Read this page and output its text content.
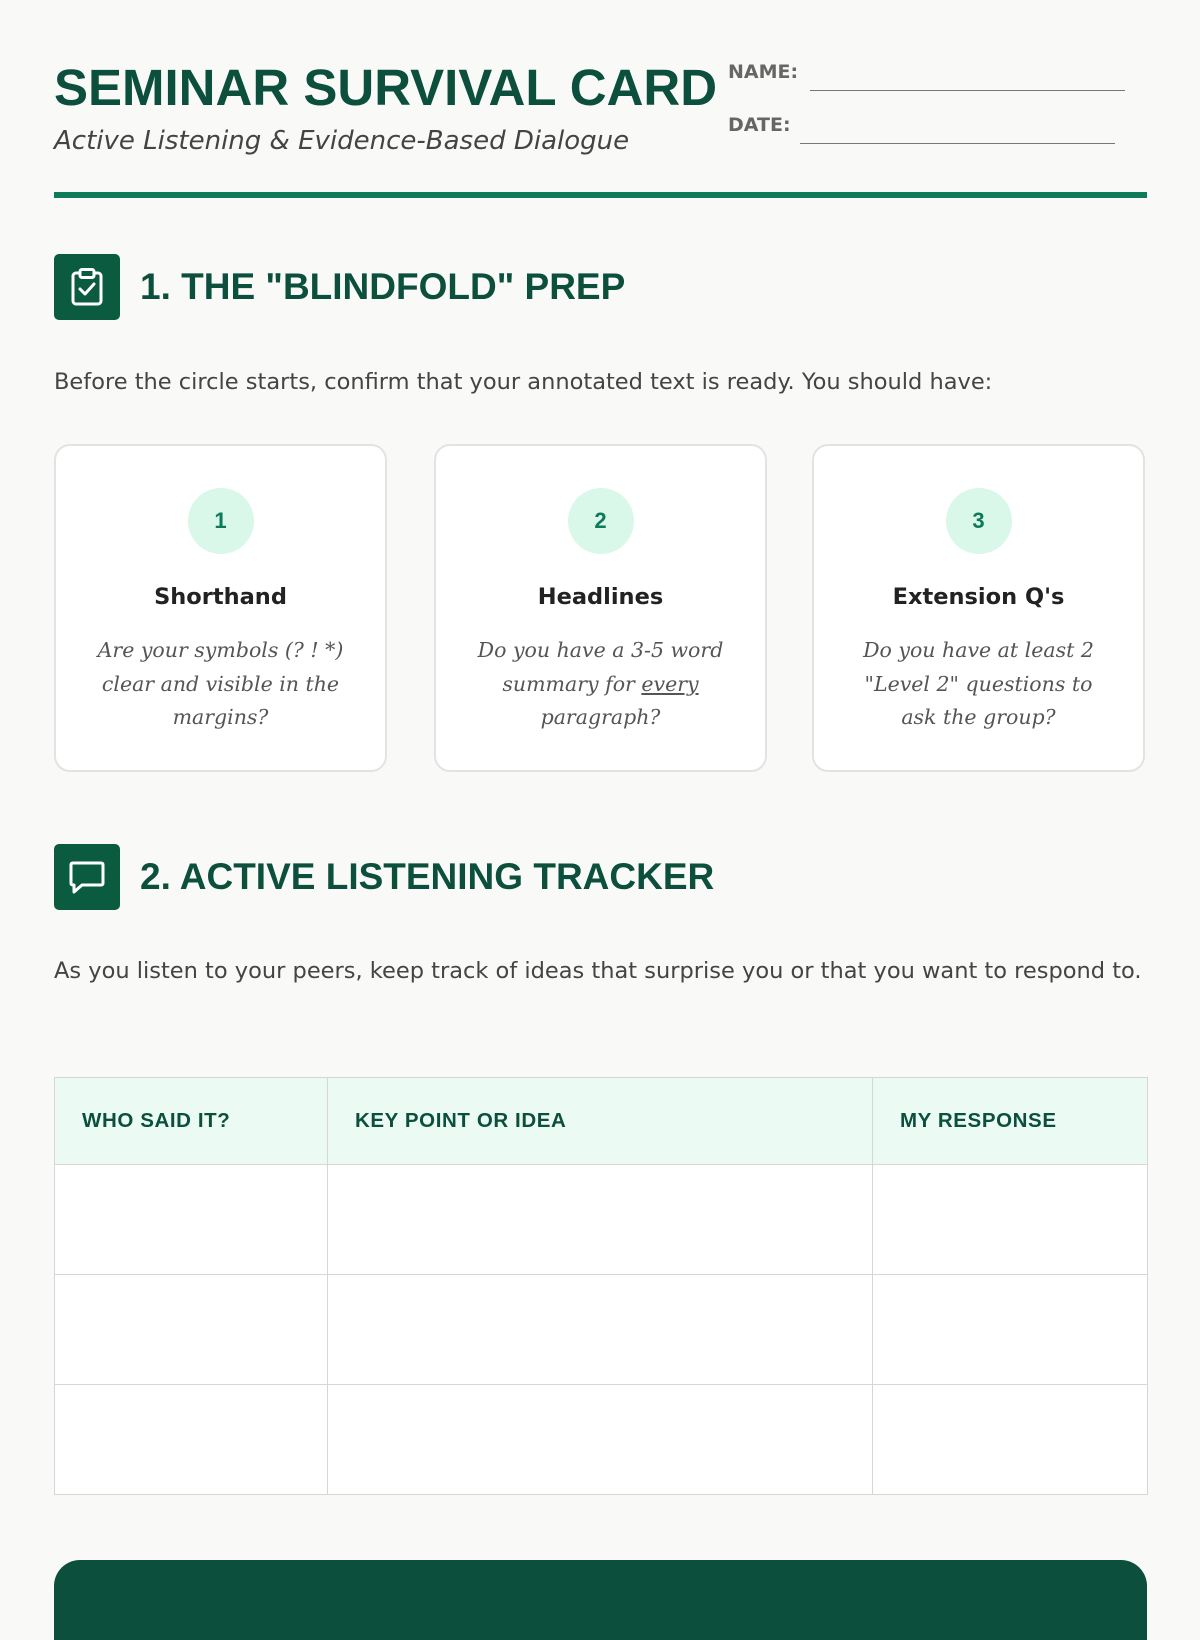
SEMINAR SURVIVAL CARD

Active Listening & Evidence-Based Dialogue

NAME:
DATE:
1. THE "BLINDFOLD" PREP

Before the circle starts, confirm that your annotated text is ready. You should have:

1
Shorthand
Are your symbols (? ! *) clear and visible in the margins?
2
Headlines
Do you have a 3-5 word summary for every paragraph?
3
Extension Q's
Do you have at least 2 "Level 2" questions to ask the group?
2. ACTIVE LISTENING TRACKER

As you listen to your peers, keep track of ideas that surprise you or that you want to respond to.

WHO SAID IT?	KEY POINT OR IDEA	MY RESPONSE
